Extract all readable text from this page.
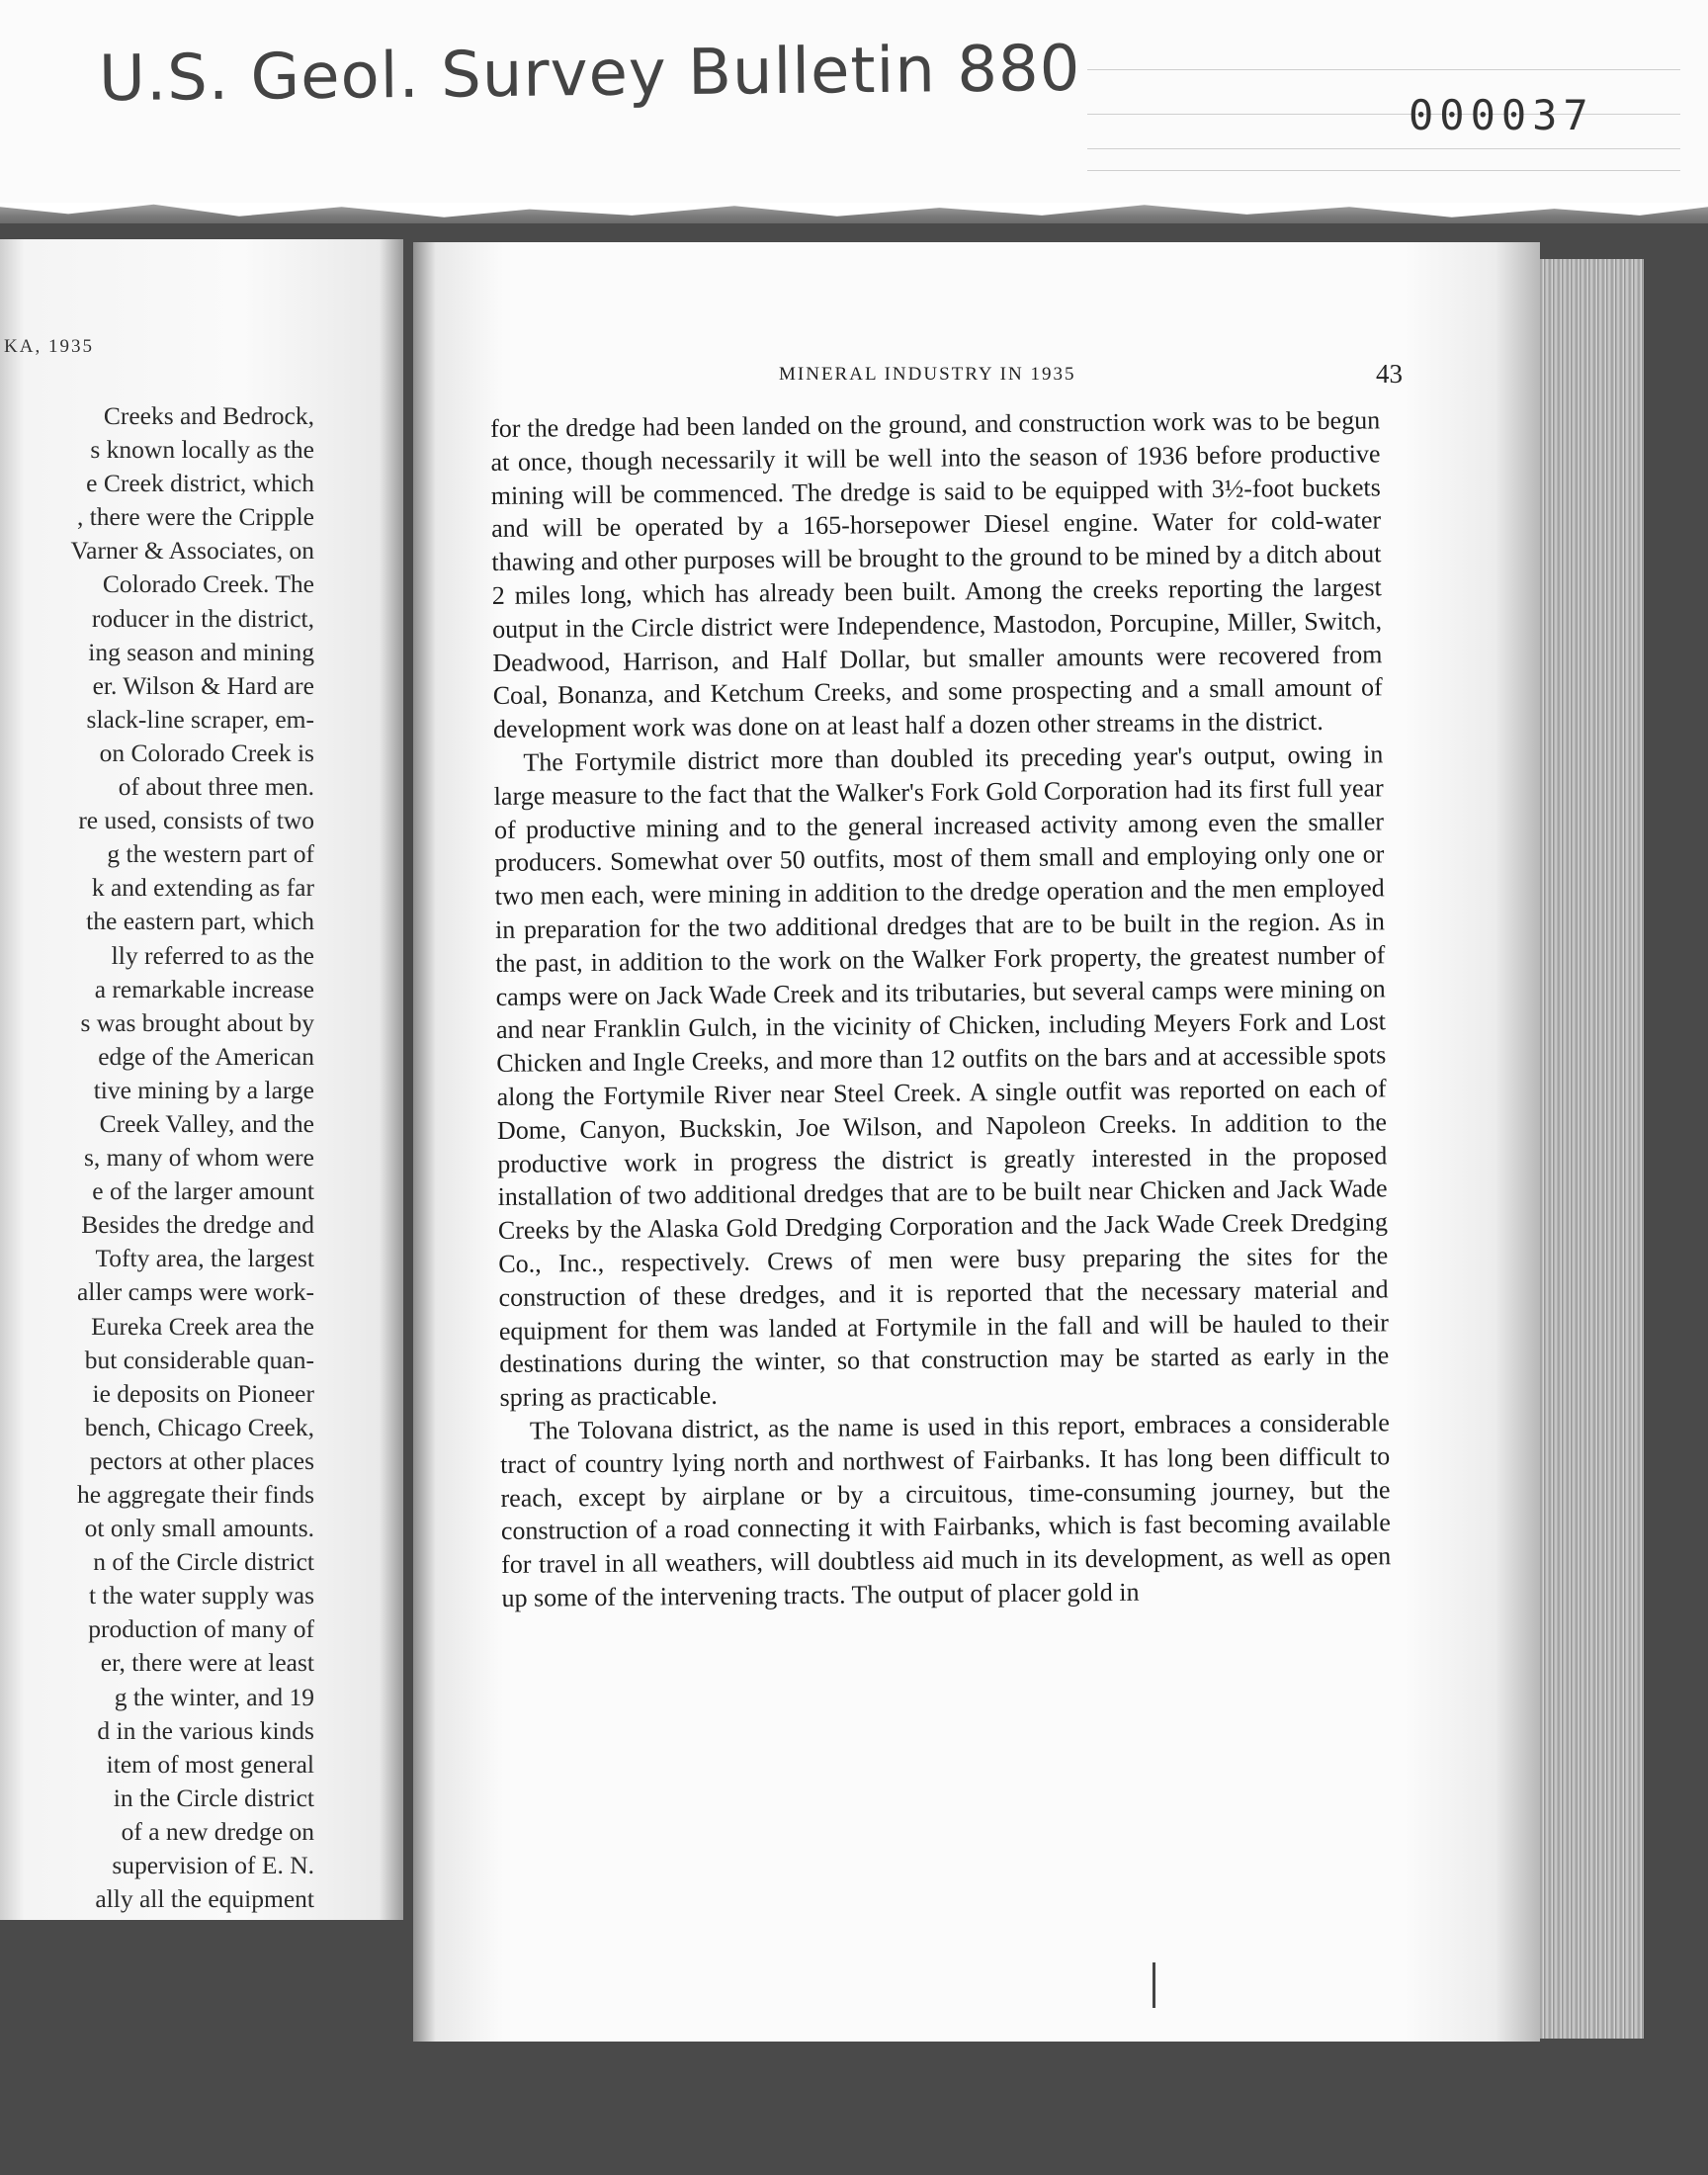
U.S. Geol. Survey Bulletin 880	000037
KA, 1935
Creeks and Bedrock,
s known locally as the
e Creek district, which
, there were the Cripple
Varner & Associates, on
Colorado Creek. The
roducer in the district,
ing season and mining
er. Wilson & Hard are
slack-line scraper, em-
on Colorado Creek is
of about three men.
re used, consists of two
g the western part of
k and extending as far
the eastern part, which
lly referred to as the
a remarkable increase
s was brought about by
edge of the American
tive mining by a large
Creek Valley, and the
s, many of whom were
e of the larger amount
Besides the dredge and
Tofty area, the largest
aller camps were work-
Eureka Creek area the
but considerable quan-
ie deposits on Pioneer
bench, Chicago Creek,
pectors at other places
he aggregate their finds
ot only small amounts.
n of the Circle district
t the water supply was
production of many of
er, there were at least
g the winter, and 19
d in the various kinds
item of most general
in the Circle district
of a new dredge on
supervision of E. N.
ally all the equipment
MINERAL INDUSTRY IN 1935	43

for the dredge had been landed on the ground, and construction work was to be begun at once, though necessarily it will be well into the season of 1936 before productive mining will be commenced. The dredge is said to be equipped with 3½-foot buckets and will be operated by a 165-horsepower Diesel engine. Water for cold-water thawing and other purposes will be brought to the ground to be mined by a ditch about 2 miles long, which has already been built. Among the creeks reporting the largest output in the Circle district were Independence, Mastodon, Porcupine, Miller, Switch, Deadwood, Harrison, and Half Dollar, but smaller amounts were recovered from Coal, Bonanza, and Ketchum Creeks, and some prospecting and a small amount of development work was done on at least half a dozen other streams in the district.

The Fortymile district more than doubled its preceding year's output, owing in large measure to the fact that the Walker's Fork Gold Corporation had its first full year of productive mining and to the general increased activity among even the smaller producers. Somewhat over 50 outfits, most of them small and employing only one or two men each, were mining in addition to the dredge operation and the men employed in preparation for the two additional dredges that are to be built in the region. As in the past, in addition to the work on the Walker Fork property, the greatest number of camps were on Jack Wade Creek and its tributaries, but several camps were mining on and near Franklin Gulch, in the vicinity of Chicken, including Meyers Fork and Lost Chicken and Ingle Creeks, and more than 12 outfits on the bars and at accessible spots along the Fortymile River near Steel Creek. A single outfit was reported on each of Dome, Canyon, Buckskin, Joe Wilson, and Napoleon Creeks. In addition to the productive work in progress the district is greatly interested in the proposed installation of two additional dredges that are to be built near Chicken and Jack Wade Creeks by the Alaska Gold Dredging Corporation and the Jack Wade Creek Dredging Co., Inc., respectively. Crews of men were busy preparing the sites for the construction of these dredges, and it is reported that the necessary material and equipment for them was landed at Fortymile in the fall and will be hauled to their destinations during the winter, so that construction may be started as early in the spring as practicable.

The Tolovana district, as the name is used in this report, embraces a considerable tract of country lying north and northwest of Fairbanks. It has long been difficult to reach, except by airplane or by a circuitous, time-consuming journey, but the construction of a road connecting it with Fairbanks, which is fast becoming available for travel in all weathers, will doubtless aid much in its development, as well as open up some of the intervening tracts. The output of placer gold in
